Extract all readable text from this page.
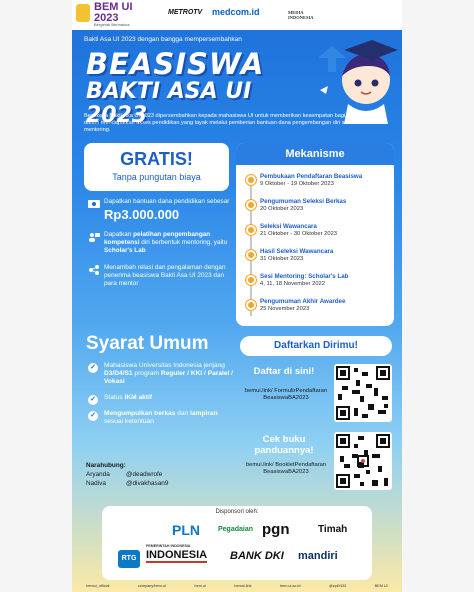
BEM UI
2023
Bergerak Bermakna
METROTV medcom.id	MEDIA INDONESIA
Bakti Asa UI 2023 dengan bangga mempersembahkan
BEASISWA
BAKTI ASA UI 2023
Beasiswa Bakti Asa UI 2023 dipersembahkan kepada mahasiswa UI untuk memberikan kesempatan bagi tiap individu dalam mendapatkan akses pendidikan yang layak melalui pemberian bantuan dana pengembangan diri swakelola dan mentoring.
GRATIS!
Tanpa pungutan biaya
Dapatkan bantuan dana pendidikan sebesar
Rp3.000.000
Dapatkan pelatihan pengembangan kompetensi diri berbentuk mentoring, yaitu Scholar's Lab
Menambah relasi dan pengalaman dengan penerima beasiswa Bakti Asa UI 2023 dan para mentor
Mekanisme
Pembukaan Pendaftaran Beasiswa
9 Oktober - 19 Oktober 2023
Pengumuman Seleksi Berkas
20 Oktober 2023
Seleksi Wawancara
21 Oktober - 30 Oktober 2023
Hasil Seleksi Wawancara
31 Oktober 2023
Sesi Mentoring: Scholar's Lab
4, 11, 18 November 2022
Pengumuman Akhir Awardee
25 November 2023
Syarat Umum
✓	Mahasiswa Universitas Indonesia jenjang D3/D4/S1 program Reguler / KKI / Paralel / Vokasi
✓	Status IKM aktif
✓	Mengumpulkan berkas dan lampiran sesuai ketentuan
Narahubung:
Aryanda	@deadwrofe
Nadiva	@divakhasan9
Daftarkan Dirimu!
Daftar di sini!
bemui.link/ FormulirPendaftaran BeasiswaBA2023
Cek buku panduannya!
bemui.link/ BookletPendaftaran BeasiswaBA2023
Disponsori oleh:
PLN	Pegadaian pgn	Timah
RTG
PEMERINTAH INDONESIA
INDONESIA BANK DKI mandiri
bemui_official	company/bem-ui	bem.ui	bemui.link	bem.ui.ac.id	@zpi0433	BEM UI
